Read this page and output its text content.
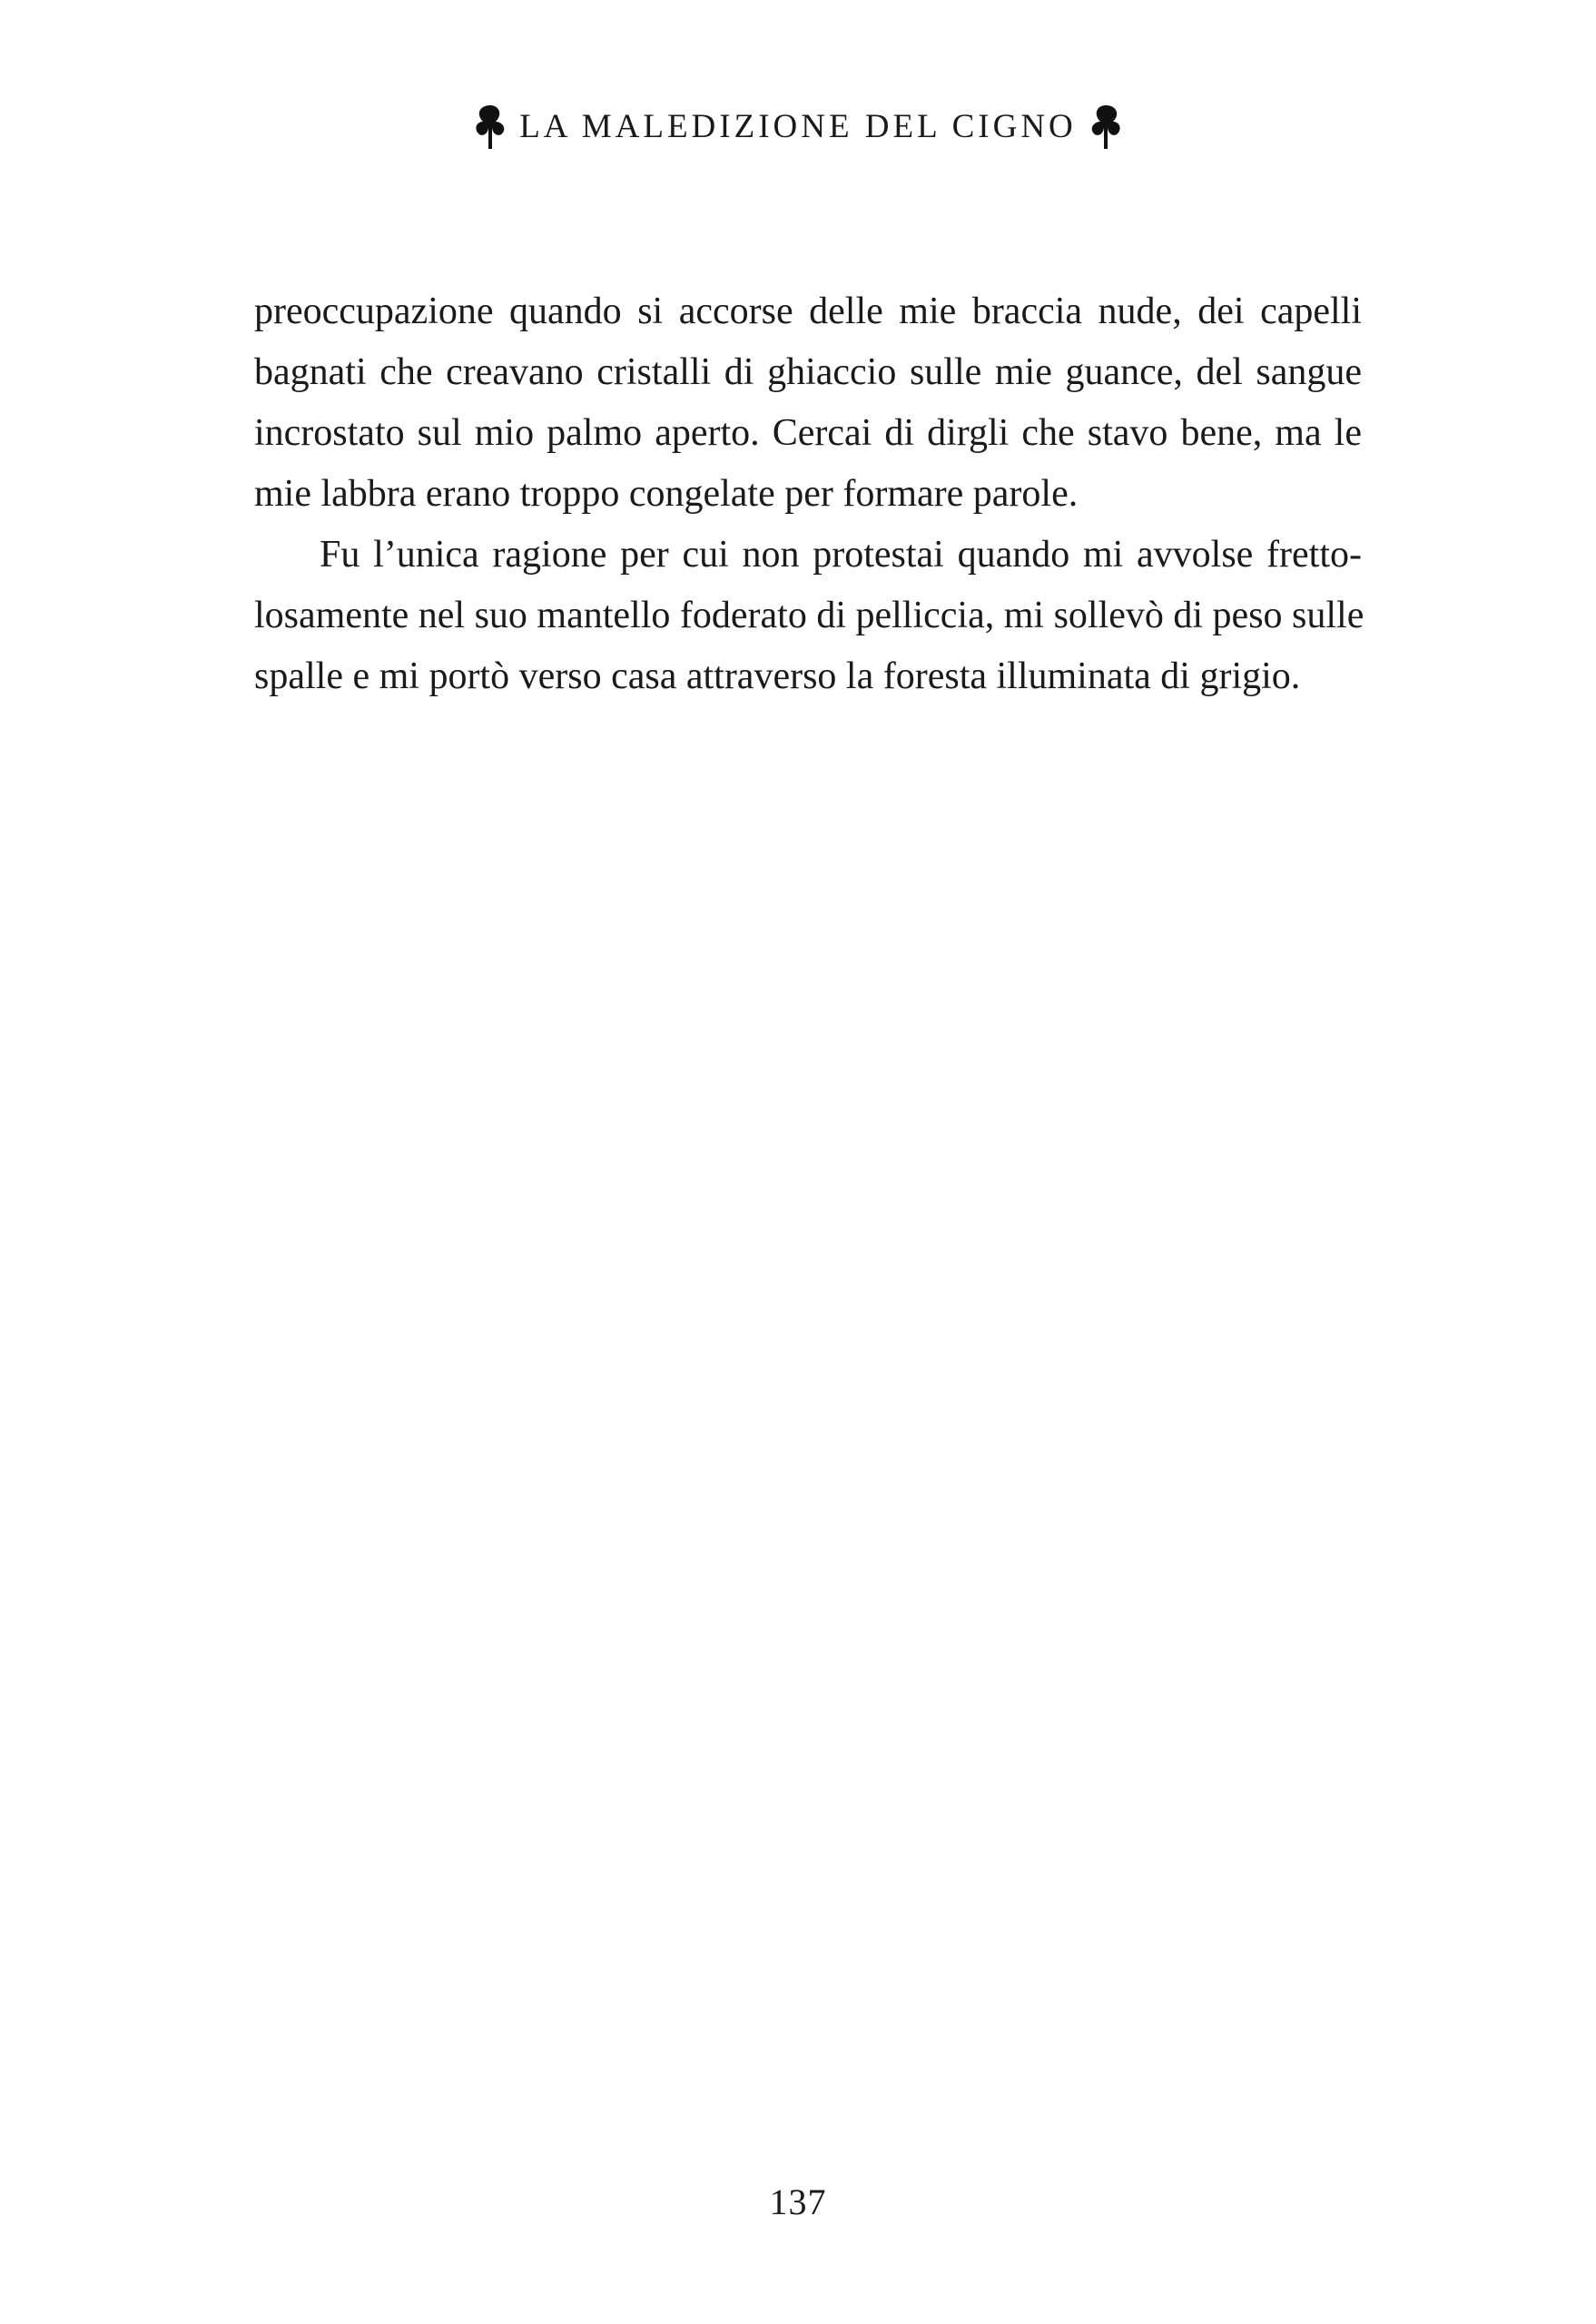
LA MALEDIZIONE DEL CIGNO
preoccupazione quando si accorse delle mie braccia nude, dei capelli
bagnati che creavano cristalli di ghiaccio sulle mie guance, del sangue
incrostato sul mio palmo aperto. Cercai di dirgli che stavo bene, ma le
mie labbra erano troppo congelate per formare parole.
Fu l’unica ragione per cui non protestai quando mi avvolse fretto-
losamente nel suo mantello foderato di pelliccia, mi sollevò di peso sulle
spalle e mi portò verso casa attraverso la foresta illuminata di grigio.
137
